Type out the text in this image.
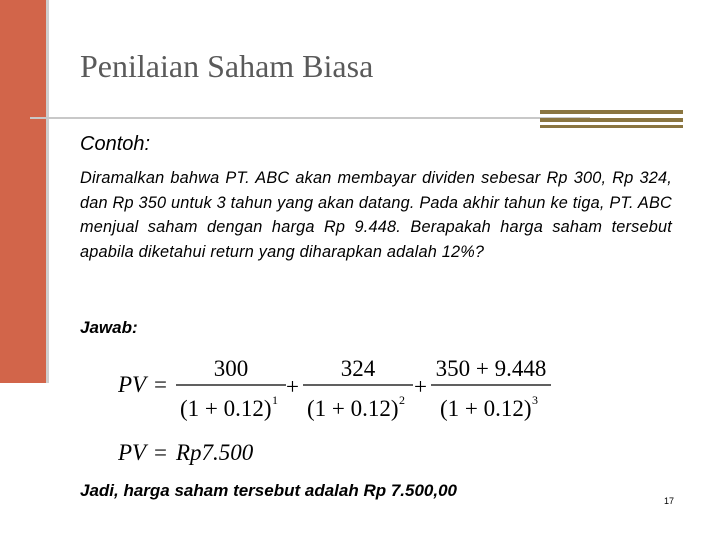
Penilaian Saham Biasa
Contoh:
Diramalkan bahwa PT. ABC akan membayar dividen sebesar Rp 300, Rp 324, dan Rp 350 untuk 3 tahun yang akan datang. Pada akhir tahun ke tiga, PT. ABC menjual saham dengan harga Rp 9.448. Berapakah harga saham tersebut apabila diketahui return yang diharapkan adalah 12%?
Jawab:
PV =
300
(1 + 0.12) 1
+
324
(1 + 0.12) 2
+
350 + 9.448
(1 + 0.12) 3
PV = Rp7.500
Jadi, harga saham tersebut adalah Rp 7.500,00
17
